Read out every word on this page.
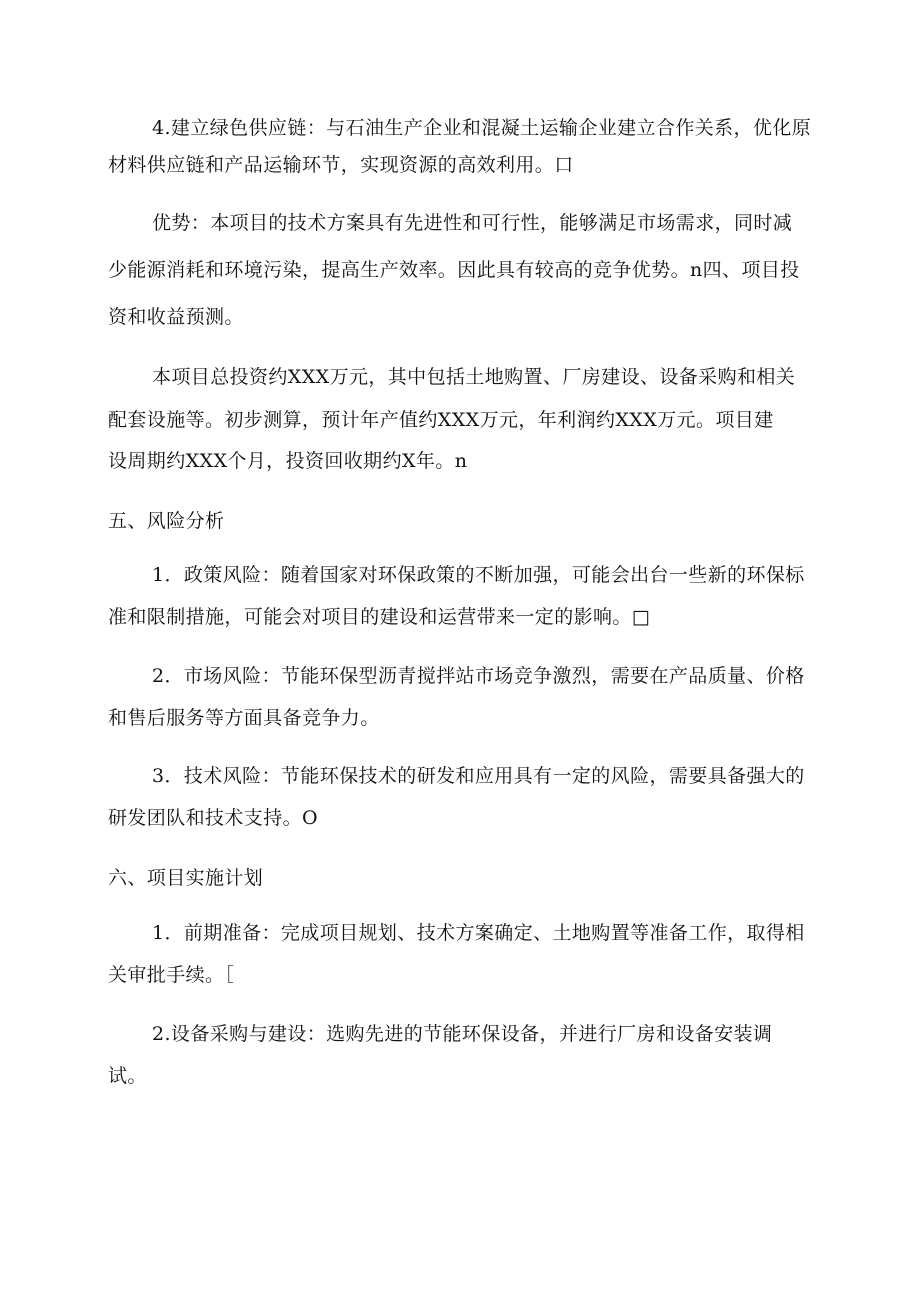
4.建立绿色供应链：与石油生产企业和混凝土运输企业建立合作关系，优化原
材料供应链和产品运输环节，实现资源的高效利用。口
优势：本项目的技术方案具有先进性和可行性，能够满足市场需求，同时减
少能源消耗和环境污染，提高生产效率。因此具有较高的竞争优势。n四、项目投
资和收益预测。
本项目总投资约XXX万元，其中包括土地购置、厂房建设、设备采购和相关
配套设施等。初步测算，预计年产值约XXX万元，年利润约XXX万元。项目建
设周期约XXX个月，投资回收期约X年。n
五、风险分析
1．政策风险：随着国家对环保政策的不断加强，可能会出台一些新的环保标
准和限制措施，可能会对项目的建设和运营带来一定的影响。□
2．市场风险：节能环保型沥青搅拌站市场竞争激烈，需要在产品质量、价格
和售后服务等方面具备竞争力。
3．技术风险：节能环保技术的研发和应用具有一定的风险，需要具备强大的
研发团队和技术支持。O
六、项目实施计划
1．前期准备：完成项目规划、技术方案确定、土地购置等准备工作，取得相
关审批手续。［
2.设备采购与建设：选购先进的节能环保设备，并进行厂房和设备安装调
试。
